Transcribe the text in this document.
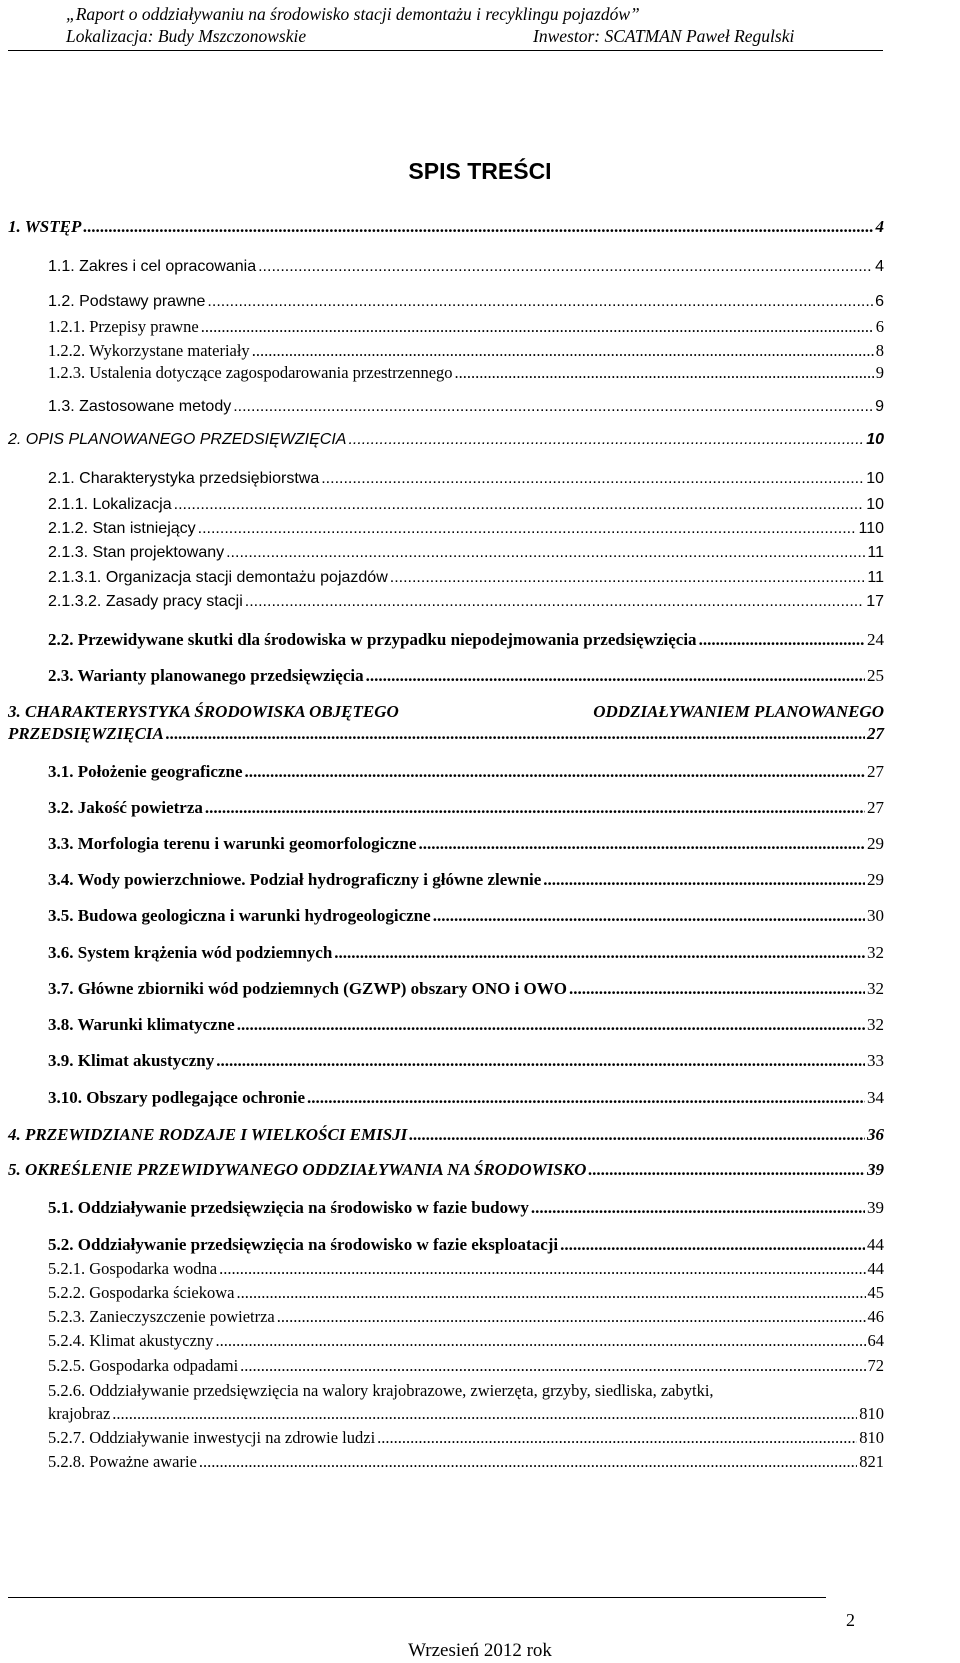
„Raport o oddziaływaniu na środowisko stacji demontażu i recyklingu pojazdów”
Lokalizacja: Budy Mszczonowskie	Inwestor: SCATMAN Paweł Regulski
SPIS TREŚCI
1. WSTĘP .....	4
1.1. Zakres i cel opracowania .....	4
1.2. Podstawy prawne .....	6
1.2.1. Przepisy prawne .....	6
1.2.2. Wykorzystane materiały .....	8
1.2.3. Ustalenia dotyczące zagospodarowania przestrzennego .....	9
1.3. Zastosowane metody .....	9
2. OPIS PLANOWANEGO PRZEDSIĘWZIĘCIA .....	10
2.1. Charakterystyka przedsiębiorstwa .....	10
2.1.1. Lokalizacja .....	10
2.1.2. Stan istniejący .....	110
2.1.3. Stan projektowany .....	11
2.1.3.1. Organizacja stacji demontażu pojazdów .....	11
2.1.3.2. Zasady pracy stacji .....	17
2.2. Przewidywane skutki dla środowiska w przypadku niepodejmowania przedsięwzięcia .....	24
2.3. Warianty planowanego przedsięwzięcia .....	25
3. CHARAKTERYSTYKA ŚRODOWISKA OBJĘTEGO	ODDZIAŁYWANIEM PLANOWANEGO
PRZEDSIĘWZIĘCIA .....	27
3.1. Położenie geograficzne .....	27
3.2. Jakość powietrza .....	27
3.3. Morfologia terenu i warunki geomorfologiczne .....	29
3.4. Wody powierzchniowe. Podział hydrograficzny i główne zlewnie .....	29
3.5. Budowa geologiczna i warunki hydrogeologiczne .....	30
3.6. System krążenia wód podziemnych .....	32
3.7. Główne zbiorniki wód podziemnych (GZWP) obszary ONO i OWO .....	32
3.8. Warunki klimatyczne .....	32
3.9. Klimat akustyczny .....	33
3.10. Obszary podlegające ochronie .....	34
4. PRZEWIDZIANE RODZAJE I WIELKOŚCI EMISJI .....	36
5. OKREŚLENIE PRZEWIDYWANEGO ODDZIAŁYWANIA NA ŚRODOWISKO .....	39
5.1. Oddziaływanie przedsięwzięcia na środowisko w fazie budowy .....	39
5.2. Oddziaływanie przedsięwzięcia na środowisko w fazie eksploatacji .....	44
5.2.1. Gospodarka wodna .....	44
5.2.2. Gospodarka ściekowa .....	45
5.2.3. Zanieczyszczenie powietrza .....	46
5.2.4. Klimat akustyczny .....	64
5.2.5. Gospodarka odpadami .....	72
5.2.6. Oddziaływanie przedsięwzięcia na walory krajobrazowe, zwierzęta, grzyby, siedliska, zabytki,
krajobraz .....	810
5.2.7. Oddziaływanie inwestycji na zdrowie ludzi .....	810
5.2.8. Poważne awarie .....	821
2
Wrzesień 2012 rok
